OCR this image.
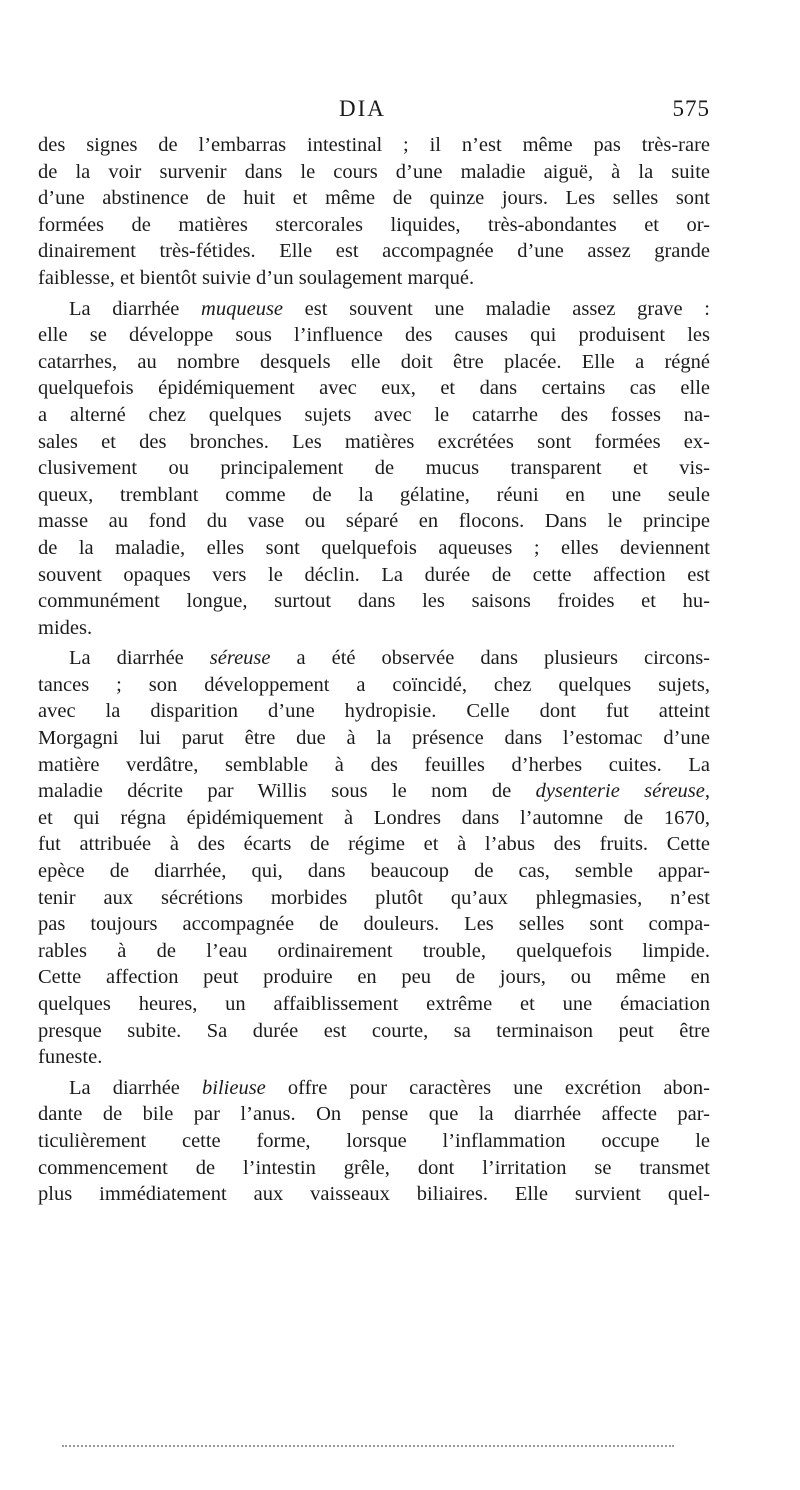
DIA	575
des signes de l’embarras intestinal ; il n’est même pas très-rare
de la voir survenir dans le cours d’une maladie aiguë, à la suite
d’une abstinence de huit et même de quinze jours. Les selles sont
formées de matières stercorales liquides, très-abondantes et or-
dinairement très-fétides. Elle est accompagnée d’une assez grande
faiblesse, et bientôt suivie d’un soulagement marqué.
La diarrhée muqueuse est souvent une maladie assez grave :
elle se développe sous l’influence des causes qui produisent les
catarrhes, au nombre desquels elle doit être placée. Elle a régné
quelquefois épidémiquement avec eux, et dans certains cas elle
a alterné chez quelques sujets avec le catarrhe des fosses na-
sales et des bronches. Les matières excrétées sont formées ex-
clusivement ou principalement de mucus transparent et vis-
queux, tremblant comme de la gélatine, réuni en une seule
masse au fond du vase ou séparé en flocons. Dans le principe
de la maladie, elles sont quelquefois aqueuses ; elles deviennent
souvent opaques vers le déclin. La durée de cette affection est
communément longue, surtout dans les saisons froides et hu-
mides.
La diarrhée séreuse a été observée dans plusieurs circons-
tances ; son développement a coïncidé, chez quelques sujets,
avec la disparition d’une hydropisie. Celle dont fut atteint
Morgagni lui parut être due à la présence dans l’estomac d’une
matière verdâtre, semblable à des feuilles d’herbes cuites. La
maladie décrite par Willis sous le nom de dysenterie séreuse,
et qui régna épidémiquement à Londres dans l’automne de 1670,
fut attribuée à des écarts de régime et à l’abus des fruits. Cette
epèce de diarrhée, qui, dans beaucoup de cas, semble appar-
tenir aux sécrétions morbides plutôt qu’aux phlegmasies, n’est
pas toujours accompagnée de douleurs. Les selles sont compa-
rables à de l’eau ordinairement trouble, quelquefois limpide.
Cette affection peut produire en peu de jours, ou même en
quelques heures, un affaiblissement extrême et une émaciation
presque subite. Sa durée est courte, sa terminaison peut être
funeste.
La diarrhée bilieuse offre pour caractères une excrétion abon-
dante de bile par l’anus. On pense que la diarrhée affecte par-
ticulièrement cette forme, lorsque l’inflammation occupe le
commencement de l’intestin grêle, dont l’irritation se transmet
plus immédiatement aux vaisseaux biliaires. Elle survient quel-
